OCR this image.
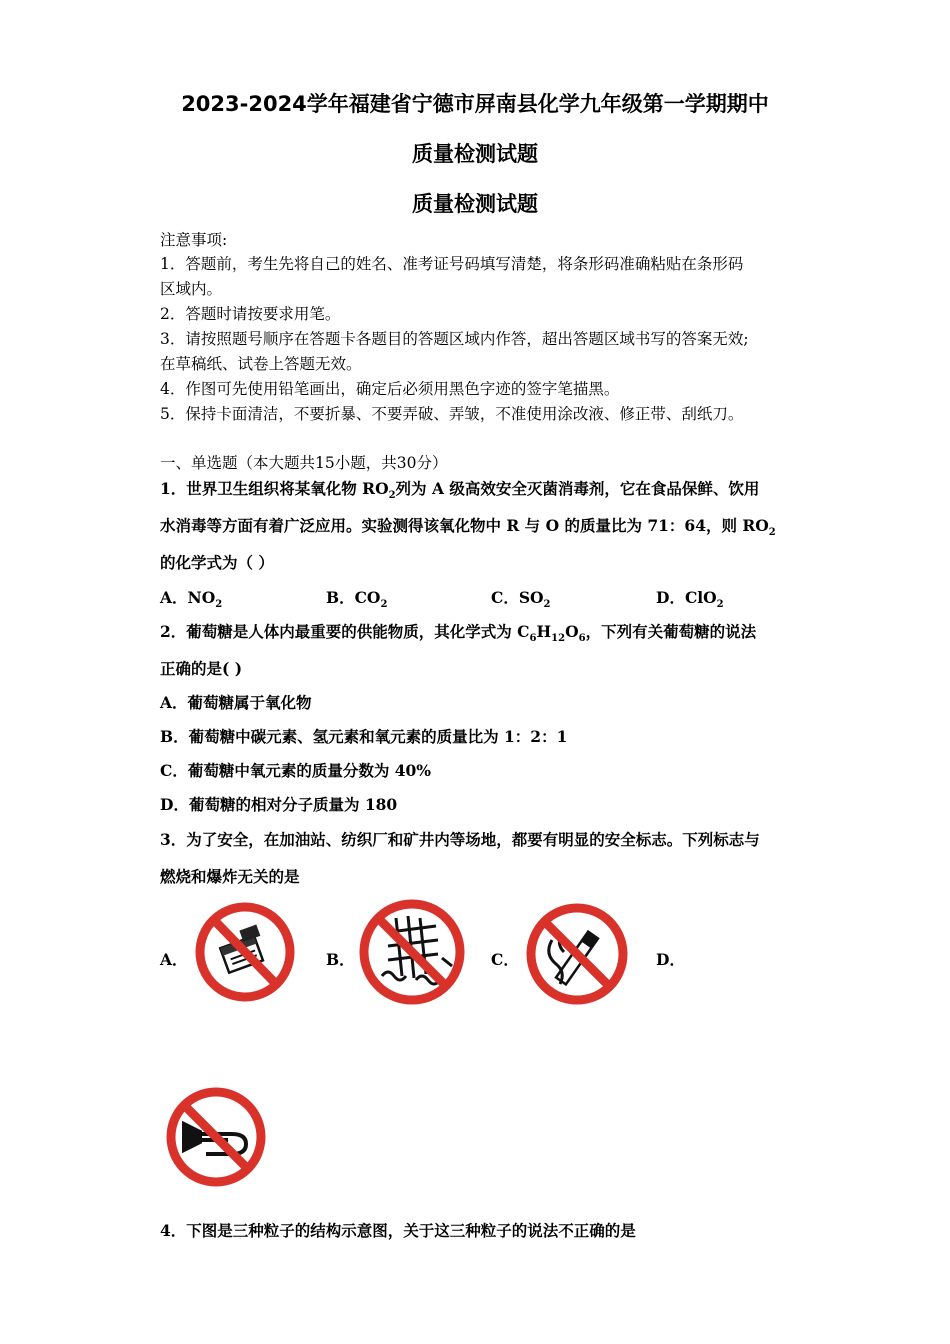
2023-2024学年福建省宁德市屏南县化学九年级第一学期期中
质量检测试题
质量检测试题
注意事项:
1．答题前，考生先将自己的姓名、准考证号码填写清楚，将条形码准确粘贴在条形码
区域内。
2．答题时请按要求用笔。
3．请按照题号顺序在答题卡各题目的答题区域内作答，超出答题区域书写的答案无效;
在草稿纸、试卷上答题无效。
4．作图可先使用铅笔画出，确定后必须用黑色字迹的签字笔描黑。
5．保持卡面清洁，不要折暴、不要弄破、弄皱，不准使用涂改液、修正带、刮纸刀。
一、单选题（本大题共15小题，共30分）
1．世界卫生组织将某氧化物 $RO_2$列为 A 级高效安全灭菌消毒剂，它在食品保鲜、饮用
水消毒等方面有着广泛应用。实验测得该氧化物中 R 与 O 的质量比为 71：64，则 $RO_2$
的化学式为（ ）
A．$NO_2$	B．$CO_2$	C．$SO_2$	D．ClO$_2$
2．葡萄糖是人体内最重要的供能物质，其化学式为 $C_6H_{12}O_6$，下列有关葡萄糖的说法
正确的是( )
A．葡萄糖属于氧化物
B．葡萄糖中碳元素、氢元素和氧元素的质量比为 1：2：1
C．葡萄糖中氧元素的质量分数为 40%
D．葡萄糖的相对分子质量为 180
3．为了安全，在加油站、纺织厂和矿井内等场地，都要有明显的安全标志。下列标志与
燃烧和爆炸无关的是
A．	B．	C．	D．
4．下图是三种粒子的结构示意图，关于这三种粒子的说法不正确的是
